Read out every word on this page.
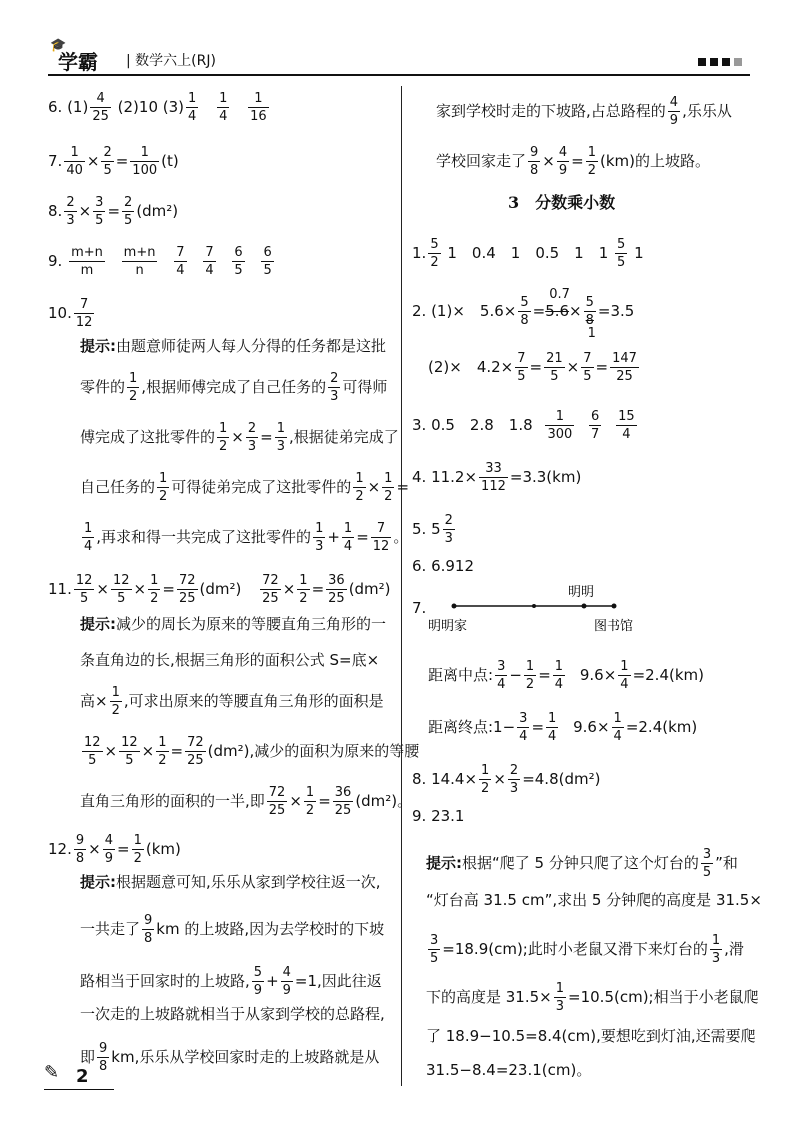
🎓
学霸 | 数学六上(RJ)
6. $(1) \frac{4}{25} (2)10$ $(3) \frac{1}{4}$
$\frac{1}{4}$
$\frac{1}{16}$
7. $\frac{1}{40} \times \frac{2}{5} = \frac{1}{100} (t)$
8. $\frac{2}{3} \times \frac{3}{5} = \frac{2}{5} (dm^2)$
9. $\frac{m+n}{m}$
$\frac{m+n}{n}$
$\frac{7}{4}$
$\frac{7}{4}$
$\frac{6}{5}$
$\frac{6}{5}$
10. $\frac{7}{12}$
提示:由题意师徒两人每人分得的任务都是这批
零件的 $\frac{1}{2}$ ,根据师傅完成了自己任务的 $\frac{2}{3}$ 可得师
傅完成了这批零件的 $\frac{1}{2} \times \frac{2}{3} = \frac{1}{3}$ ,根据徒弟完成了
自己任务的 $\frac{1}{2}$ 可得徒弟完成了这批零件的 $\frac{1}{2} \times \frac{1}{2}$ =
$\frac{1}{4}$ ,再求和得一共完成了这批零件的 $\frac{1}{3} + \frac{1}{4} = \frac{7}{12}$ 。
11. $\frac{12}{5} \times \frac{12}{5} \times \frac{1}{2} = \frac{72}{25} (dm^2) \frac{72}{25} \times \frac{1}{2} = \frac{36}{25} (dm^2)$
提示:减少的周长为原来的等腰直角三角形的一
条直角边的长,根据三角形的面积公式 S=底×
高× $\frac{1}{2}$ ,可求出原来的等腰直角三角形的面积是
$\frac{12}{5} \times \frac{12}{5} \times \frac{1}{2} = \frac{72}{25} (dm^2)$,减少的面积为原来的等腰
直角三角形的面积的一半,即 $\frac{72}{25} \times \frac{1}{2} = \frac{36}{25} (dm^2)$。
12. $\frac{9}{8} \times \frac{4}{9} = \frac{1}{2} (km)$
提示:根据题意可知,乐乐从家到学校往返一次,
一共走了 $\frac{9}{8}$ km 的上坡路,因为去学校时的下坡
路相当于回家时的上坡路, $\frac{5}{9} + \frac{4}{9} =1$,因此往返
一次走的上坡路就相当于从家到学校的总路程,
即 $\frac{9}{8}$ km,乐乐从学校回家时走的上坡路就是从
家到学校时走的下坡路,占总路程的 $\frac{4}{9}$ ,乐乐从
学校回家走了 $\frac{9}{8} \times \frac{4}{9} = \frac{1}{2} (km)$的上坡路。
3　分数乘小数
1. $\frac{5}{2} 1$　0.4　1　0.5　1　$1 \frac{5}{5} 1$
2. (1)×　$5.6\times \frac{5}{8}$ =
0.7
$5.6\times \frac{5}{8}$
1
=3.5
(2)×　$4.2\times \frac{7}{5} = \frac{21}{5} \times \frac{7}{5} = \frac{147}{25}$
3. 0.5　2.8　$1.8 \frac{1}{300}$
$\frac{6}{7}$
$\frac{15}{4}$
4. $11.2\times \frac{33}{112} =3.3(km)$
5. $5 \frac{2}{3}$
6. 6.912
7.
明明
明明家	图书馆
距离中点: $\frac{3}{4} - \frac{1}{2} = \frac{1}{4} 9.6\times \frac{1}{4} =2.4(km)$
距离终点:1− $\frac{3}{4} = \frac{1}{4} 9.6\times \frac{1}{4} =2.4(km)$
8. $14.4\times \frac{1}{2} \times \frac{2}{3} =4.8(dm^2)$
9. 23.1
提示:根据“爬了 5 分钟只爬了这个灯台的 $\frac{3}{5}$ ”和
“灯台高 31.5 cm”,求出 5 分钟爬的高度是 31.5×
$\frac{3}{5} =18.9(cm)$;此时小老鼠又滑下来灯台的 $\frac{1}{3}$ ,滑
下的高度是 $31.5\times \frac{1}{3} =10.5(cm)$;相当于小老鼠爬
了 18.9−10.5=8.4(cm),要想吃到灯油,还需要爬
31.5−8.4=23.1(cm)。
✎ 2
